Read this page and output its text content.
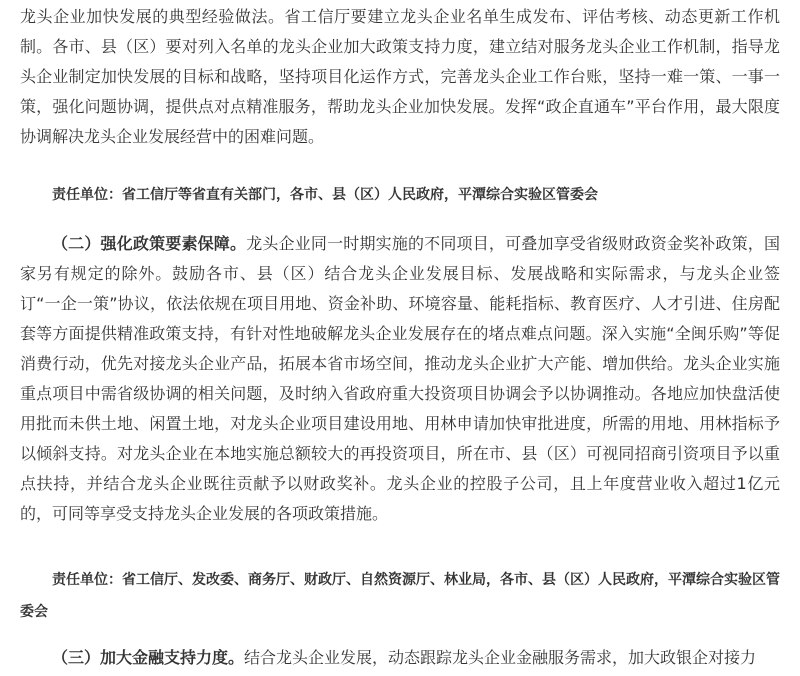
龙头企业加快发展的典型经验做法。省工信厅要建立龙头企业名单生成发布、评估考核、动态更新工作机制。各市、县（区）要对列入名单的龙头企业加大政策支持力度，建立结对服务龙头企业工作机制，指导龙头企业制定加快发展的目标和战略，坚持项目化运作方式，完善龙头企业工作台账，坚持一难一策、一事一策，强化问题协调，提供点对点精准服务，帮助龙头企业加快发展。发挥“政企直通车”平台作用，最大限度协调解决龙头企业发展经营中的困难问题。

责任单位：省工信厅等省直有关部门，各市、县（区）人民政府，平潭综合实验区管委会

（二）强化政策要素保障。龙头企业同一时期实施的不同项目，可叠加享受省级财政资金奖补政策，国家另有规定的除外。鼓励各市、县（区）结合龙头企业发展目标、发展战略和实际需求，与龙头企业签订“一企一策”协议，依法依规在项目用地、资金补助、环境容量、能耗指标、教育医疗、人才引进、住房配套等方面提供精准政策支持，有针对性地破解龙头企业发展存在的堵点难点问题。深入实施“全闽乐购”等促消费行动，优先对接龙头企业产品，拓展本省市场空间，推动龙头企业扩大产能、增加供给。龙头企业实施重点项目中需省级协调的相关问题，及时纳入省政府重大投资项目协调会予以协调推动。各地应加快盘活使用批而未供土地、闲置土地，对龙头企业项目建设用地、用林申请加快审批进度，所需的用地、用林指标予以倾斜支持。对龙头企业在本地实施总额较大的再投资项目，所在市、县（区）可视同招商引资项目予以重点扶持，并结合龙头企业既往贡献予以财政奖补。龙头企业的控股子公司，且上年度营业收入超过1亿元的，可同等享受支持龙头企业发展的各项政策措施。

责任单位：省工信厅、发改委、商务厅、财政厅、自然资源厅、林业局，各市、县（区）人民政府，平潭综合实验区管委会

（三）加大金融支持力度。结合龙头企业发展，动态跟踪龙头企业金融服务需求，加大政银企对接力
